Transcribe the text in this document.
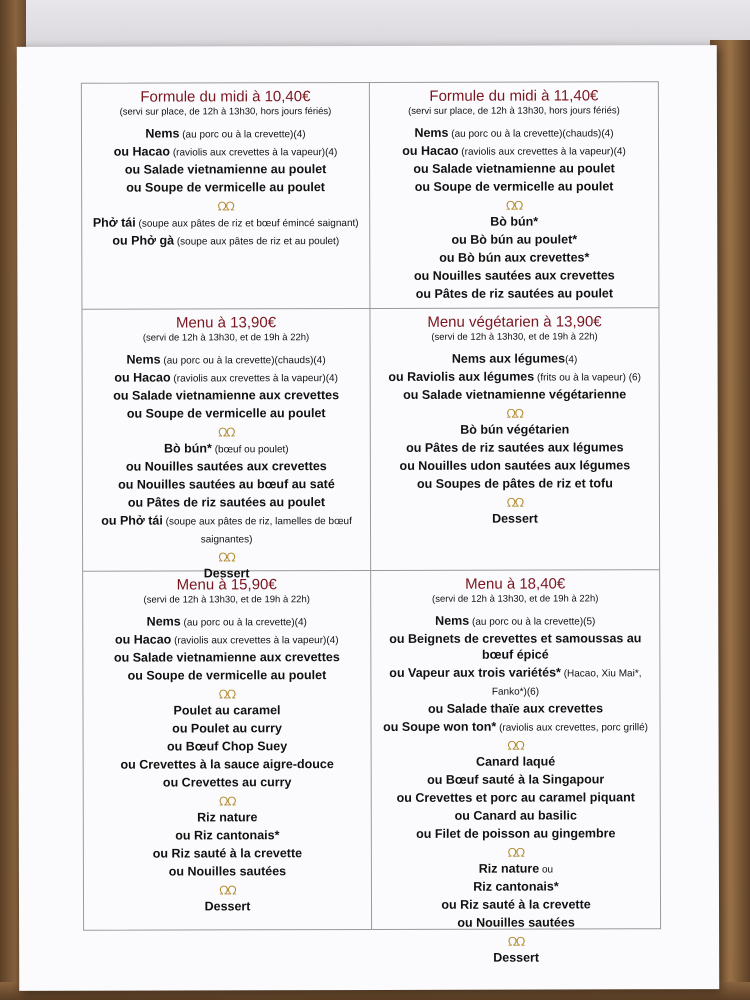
Formule du midi à 10,40€
(servi sur place, de 12h à 13h30, hors jours fériés)
Nems (au porc ou à la crevette)(4)
ou Hacao (raviolis aux crevettes à la vapeur)(4)
ou Salade vietnamienne au poulet
ou Soupe de vermicelle au poulet
ᘯᘯ
Phở tái (soupe aux pâtes de riz et bœuf émincé saignant)
ou Phở gà (soupe aux pâtes de riz et au poulet)
Formule du midi à 11,40€
(servi sur place, de 12h à 13h30, hors jours fériés)
Nems (au porc ou à la crevette)(chauds)(4)
ou Hacao (raviolis aux crevettes à la vapeur)(4)
ou Salade vietnamienne au poulet
ou Soupe de vermicelle au poulet
ᘯᘯ
Bò bún*
ou Bò bún au poulet*
ou Bò bún aux crevettes*
ou Nouilles sautées aux crevettes
ou Pâtes de riz sautées au poulet
Menu à 13,90€
(servi de 12h à 13h30, et de 19h à 22h)
Nems (au porc ou à la crevette)(chauds)(4)
ou Hacao (raviolis aux crevettes à la vapeur)(4)
ou Salade vietnamienne aux crevettes
ou Soupe de vermicelle au poulet
ᘯᘯ
Bò bún* (bœuf ou poulet)
ou Nouilles sautées aux crevettes
ou Nouilles sautées au bœuf au saté
ou Pâtes de riz sautées au poulet
ou Phở tái (soupe aux pâtes de riz, lamelles de bœuf saignantes)
ᘯᘯ
Dessert
Menu végétarien à 13,90€
(servi de 12h à 13h30, et de 19h à 22h)
Nems aux légumes(4)
ou Raviolis aux légumes (frits ou à la vapeur) (6)
ou Salade vietnamienne végétarienne
ᘯᘯ
Bò bún végétarien
ou Pâtes de riz sautées aux légumes
ou Nouilles udon sautées aux légumes
ou Soupes de pâtes de riz et tofu
ᘯᘯ
Dessert
Menu à 15,90€
(servi de 12h à 13h30, et de 19h à 22h)
Nems (au porc ou à la crevette)(4)
ou Hacao (raviolis aux crevettes à la vapeur)(4)
ou Salade vietnamienne aux crevettes
ou Soupe de vermicelle au poulet
ᘯᘯ
Poulet au caramel
ou Poulet au curry
ou Bœuf Chop Suey
ou Crevettes à la sauce aigre-douce
ou Crevettes au curry
ᘯᘯ
Riz nature
ou Riz cantonais*
ou Riz sauté à la crevette
ou Nouilles sautées
ᘯᘯ
Dessert
Menu à 18,40€
(servi de 12h à 13h30, et de 19h à 22h)
Nems (au porc ou à la crevette)(5)
ou Beignets de crevettes et samoussas au bœuf épicé
ou Vapeur aux trois variétés* (Hacao, Xiu Mai*, Fanko*)(6)
ou Salade thaïe aux crevettes
ou Soupe won ton* (raviolis aux crevettes, porc grillé)
ᘯᘯ
Canard laqué
ou Bœuf sauté à la Singapour
ou Crevettes et porc au caramel piquant
ou Canard au basilic
ou Filet de poisson au gingembre
ᘯᘯ
Riz nature ou
Riz cantonais*
ou Riz sauté à la crevette
ou Nouilles sautées
ᘯᘯ
Dessert
